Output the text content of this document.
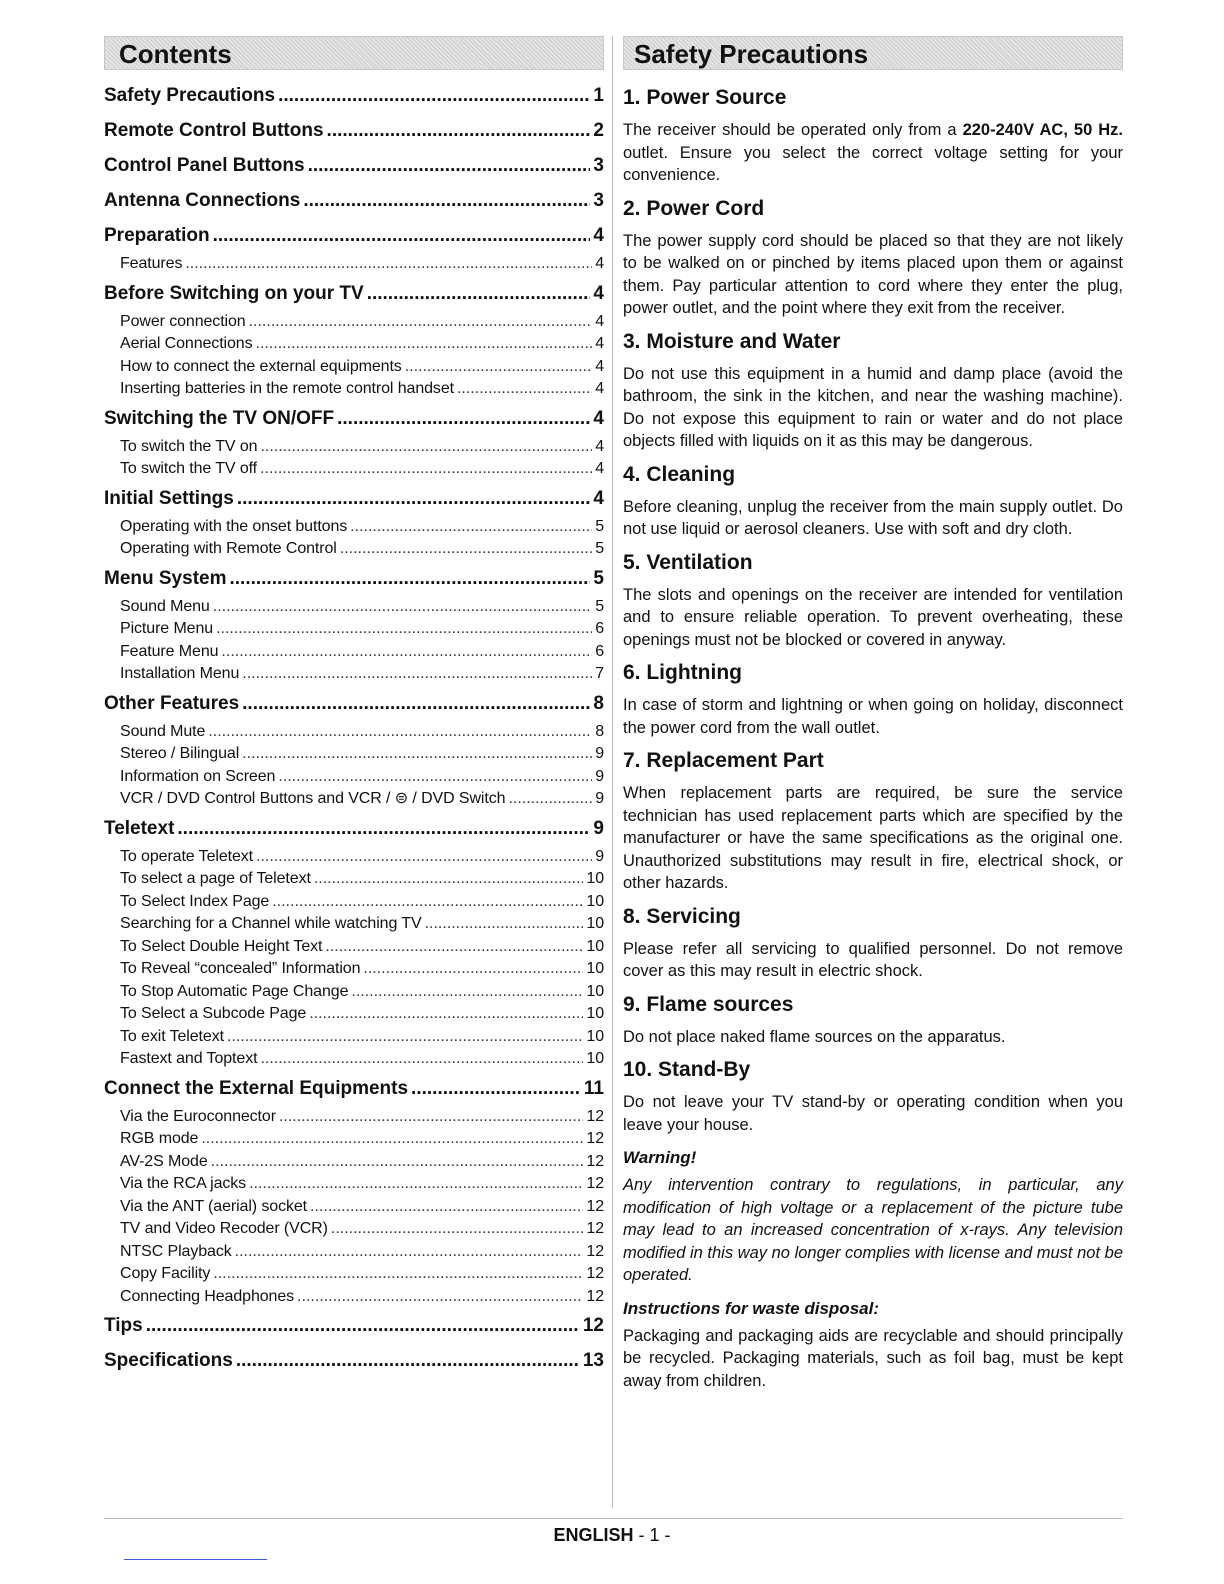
Contents
Safety Precautions .....	1
Remote Control Buttons .....	2
Control Panel Buttons .....	3
Antenna Connections .....	3
Preparation .....	4
Features .....	4
Before Switching on your TV .....	4
Power connection .....	4
Aerial Connections .....	4
How to connect the external equipments .....	4
Inserting batteries in the remote control handset .....	4
Switching the TV ON/OFF .....	4
To switch the TV on .....	4
To switch the TV off .....	4
Initial Settings .....	4
Operating with the onset buttons .....	5
Operating with Remote Control .....	5
Menu System .....	5
Sound Menu .....	5
Picture Menu .....	6
Feature Menu .....	6
Installation Menu .....	7
Other Features .....	8
Sound Mute .....	8
Stereo / Bilingual .....	9
Information on Screen .....	9
VCR / DVD Control Buttons and VCR / ⊜ / DVD Switch .....	9
Teletext .....	9
To operate Teletext .....	9
To select a page of Teletext .....	10
To Select Index Page .....	10
Searching for a Channel while watching TV .....	10
To Select Double Height Text .....	10
To Reveal “concealed” Information .....	10
To Stop Automatic Page Change .....	10
To Select a Subcode Page .....	10
To exit Teletext .....	10
Fastext and Toptext .....	10
Connect the External Equipments .....	11
Via the Euroconnector .....	12
RGB mode .....	12
AV-2S Mode .....	12
Via the RCA jacks .....	12
Via the ANT (aerial) socket .....	12
TV and Video Recoder (VCR) .....	12
NTSC Playback .....	12
Copy Facility .....	12
Connecting Headphones .....	12
Tips .....	12
Specifications .....	13
Safety Precautions
1. Power Source

The receiver should be operated only from a 220-240V AC, 50 Hz. outlet. Ensure you select the correct voltage setting for your convenience.

2. Power Cord

The power supply cord should be placed so that they are not likely to be walked on or pinched by items placed upon them or against them. Pay particular attention to cord where they enter the plug, power outlet, and the point where they exit from the receiver.

3. Moisture and Water

Do not use this equipment in a humid and damp place (avoid the bathroom, the sink in the kitchen, and near the washing machine). Do not expose this equipment to rain or water and do not place objects filled with liquids on it as this may be dangerous.

4. Cleaning

Before cleaning, unplug the receiver from the main supply outlet. Do not use liquid or aerosol cleaners. Use with soft and dry cloth.

5. Ventilation

The slots and openings on the receiver are intended for ventilation and to ensure reliable operation. To prevent overheating, these openings must not be blocked or covered in anyway.

6. Lightning

In case of storm and lightning or when going on holiday, disconnect the power cord from the wall outlet.

7. Replacement Part

When replacement parts are required, be sure the service technician has used replacement parts which are specified by the manufacturer or have the same specifications as the original one. Unauthorized substitutions may result in fire, electrical shock, or other hazards.

8. Servicing

Please refer all servicing to qualified personnel. Do not remove cover as this may result in electric shock.

9. Flame sources

Do not place naked flame sources on the apparatus.

10. Stand-By

Do not leave your TV stand-by or operating condition when you leave your house.

Warning!

Any intervention contrary to regulations, in particular, any modification of high voltage or a replacement of the picture tube may lead to an increased concentration of x-rays. Any television modified in this way no longer complies with license and must not be operated.

Instructions for waste disposal:

Packaging and packaging aids are recyclable and should principally be recycled. Packaging materials, such as foil bag, must be kept away from children.

ENGLISH - 1 -
